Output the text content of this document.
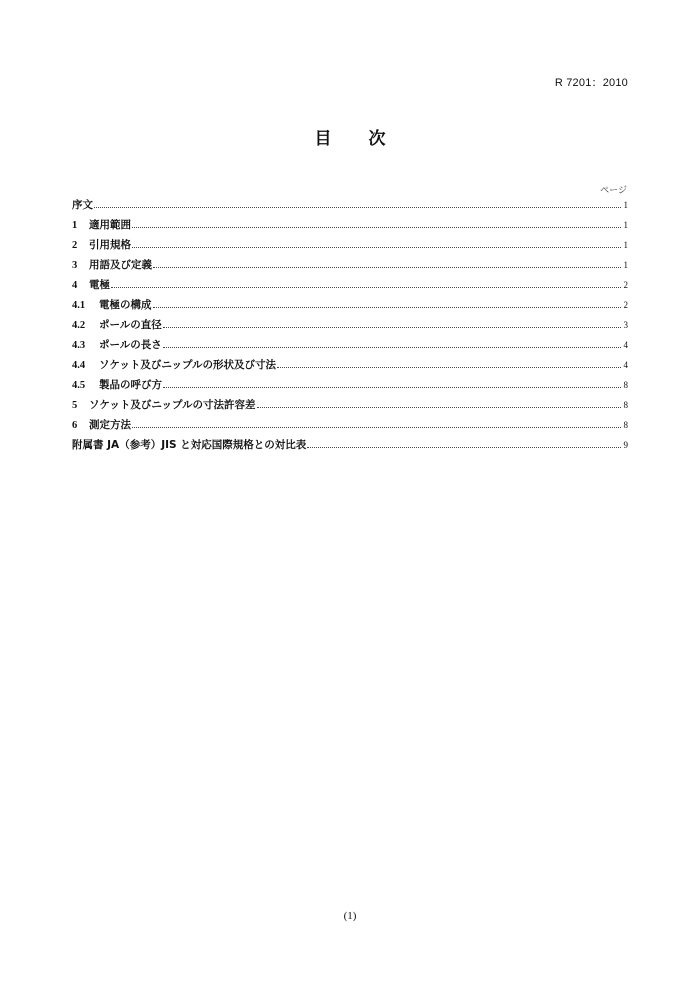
R 7201：2010
目　次
ページ
序文	1
1	適用範囲	1
2	引用規格	1
3	用語及び定義	1
4	電極	2
4.1	電極の構成	2
4.2	ポールの直径	3
4.3	ポールの長さ	4
4.4	ソケット及びニップルの形状及び寸法	4
4.5	製品の呼び方	8
5	ソケット及びニップルの寸法許容差	8
6	測定方法	8
附属書 JA（参考）JIS と対応国際規格との対比表	9
(1)
